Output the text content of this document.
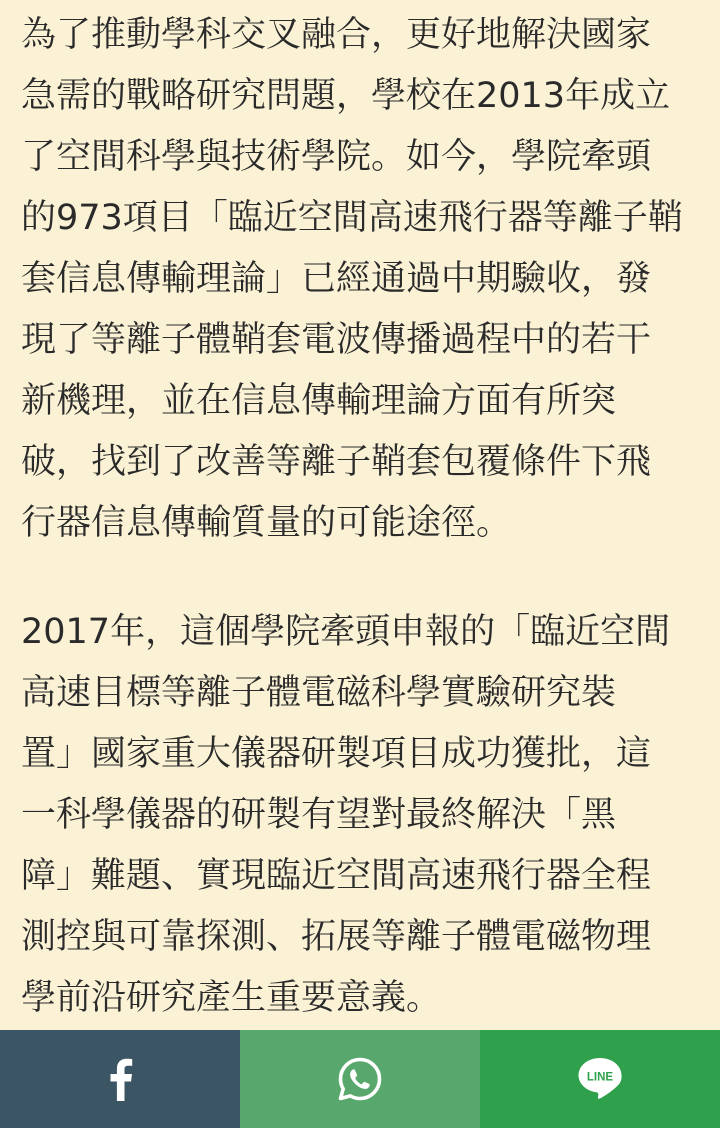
為了推動學科交叉融合，更好地解決國家
急需的戰略研究問題，學校在2013年成立
了空間科學與技術學院。如今，學院牽頭
的973項目「臨近空間高速飛行器等離子鞘
套信息傳輸理論」已經通過中期驗收，發
現了等離子體鞘套電波傳播過程中的若干
新機理，並在信息傳輸理論方面有所突
破，找到了改善等離子鞘套包覆條件下飛
行器信息傳輸質量的可能途徑。

2017年，這個學院牽頭申報的「臨近空間
高速目標等離子體電磁科學實驗研究裝
置」國家重大儀器研製項目成功獲批，這
一科學儀器的研製有望對最終解決「黑
障」難題、實現臨近空間高速飛行器全程
測控與可靠探測、拓展等離子體電磁物理
學前沿研究產生重要意義。

LINE
